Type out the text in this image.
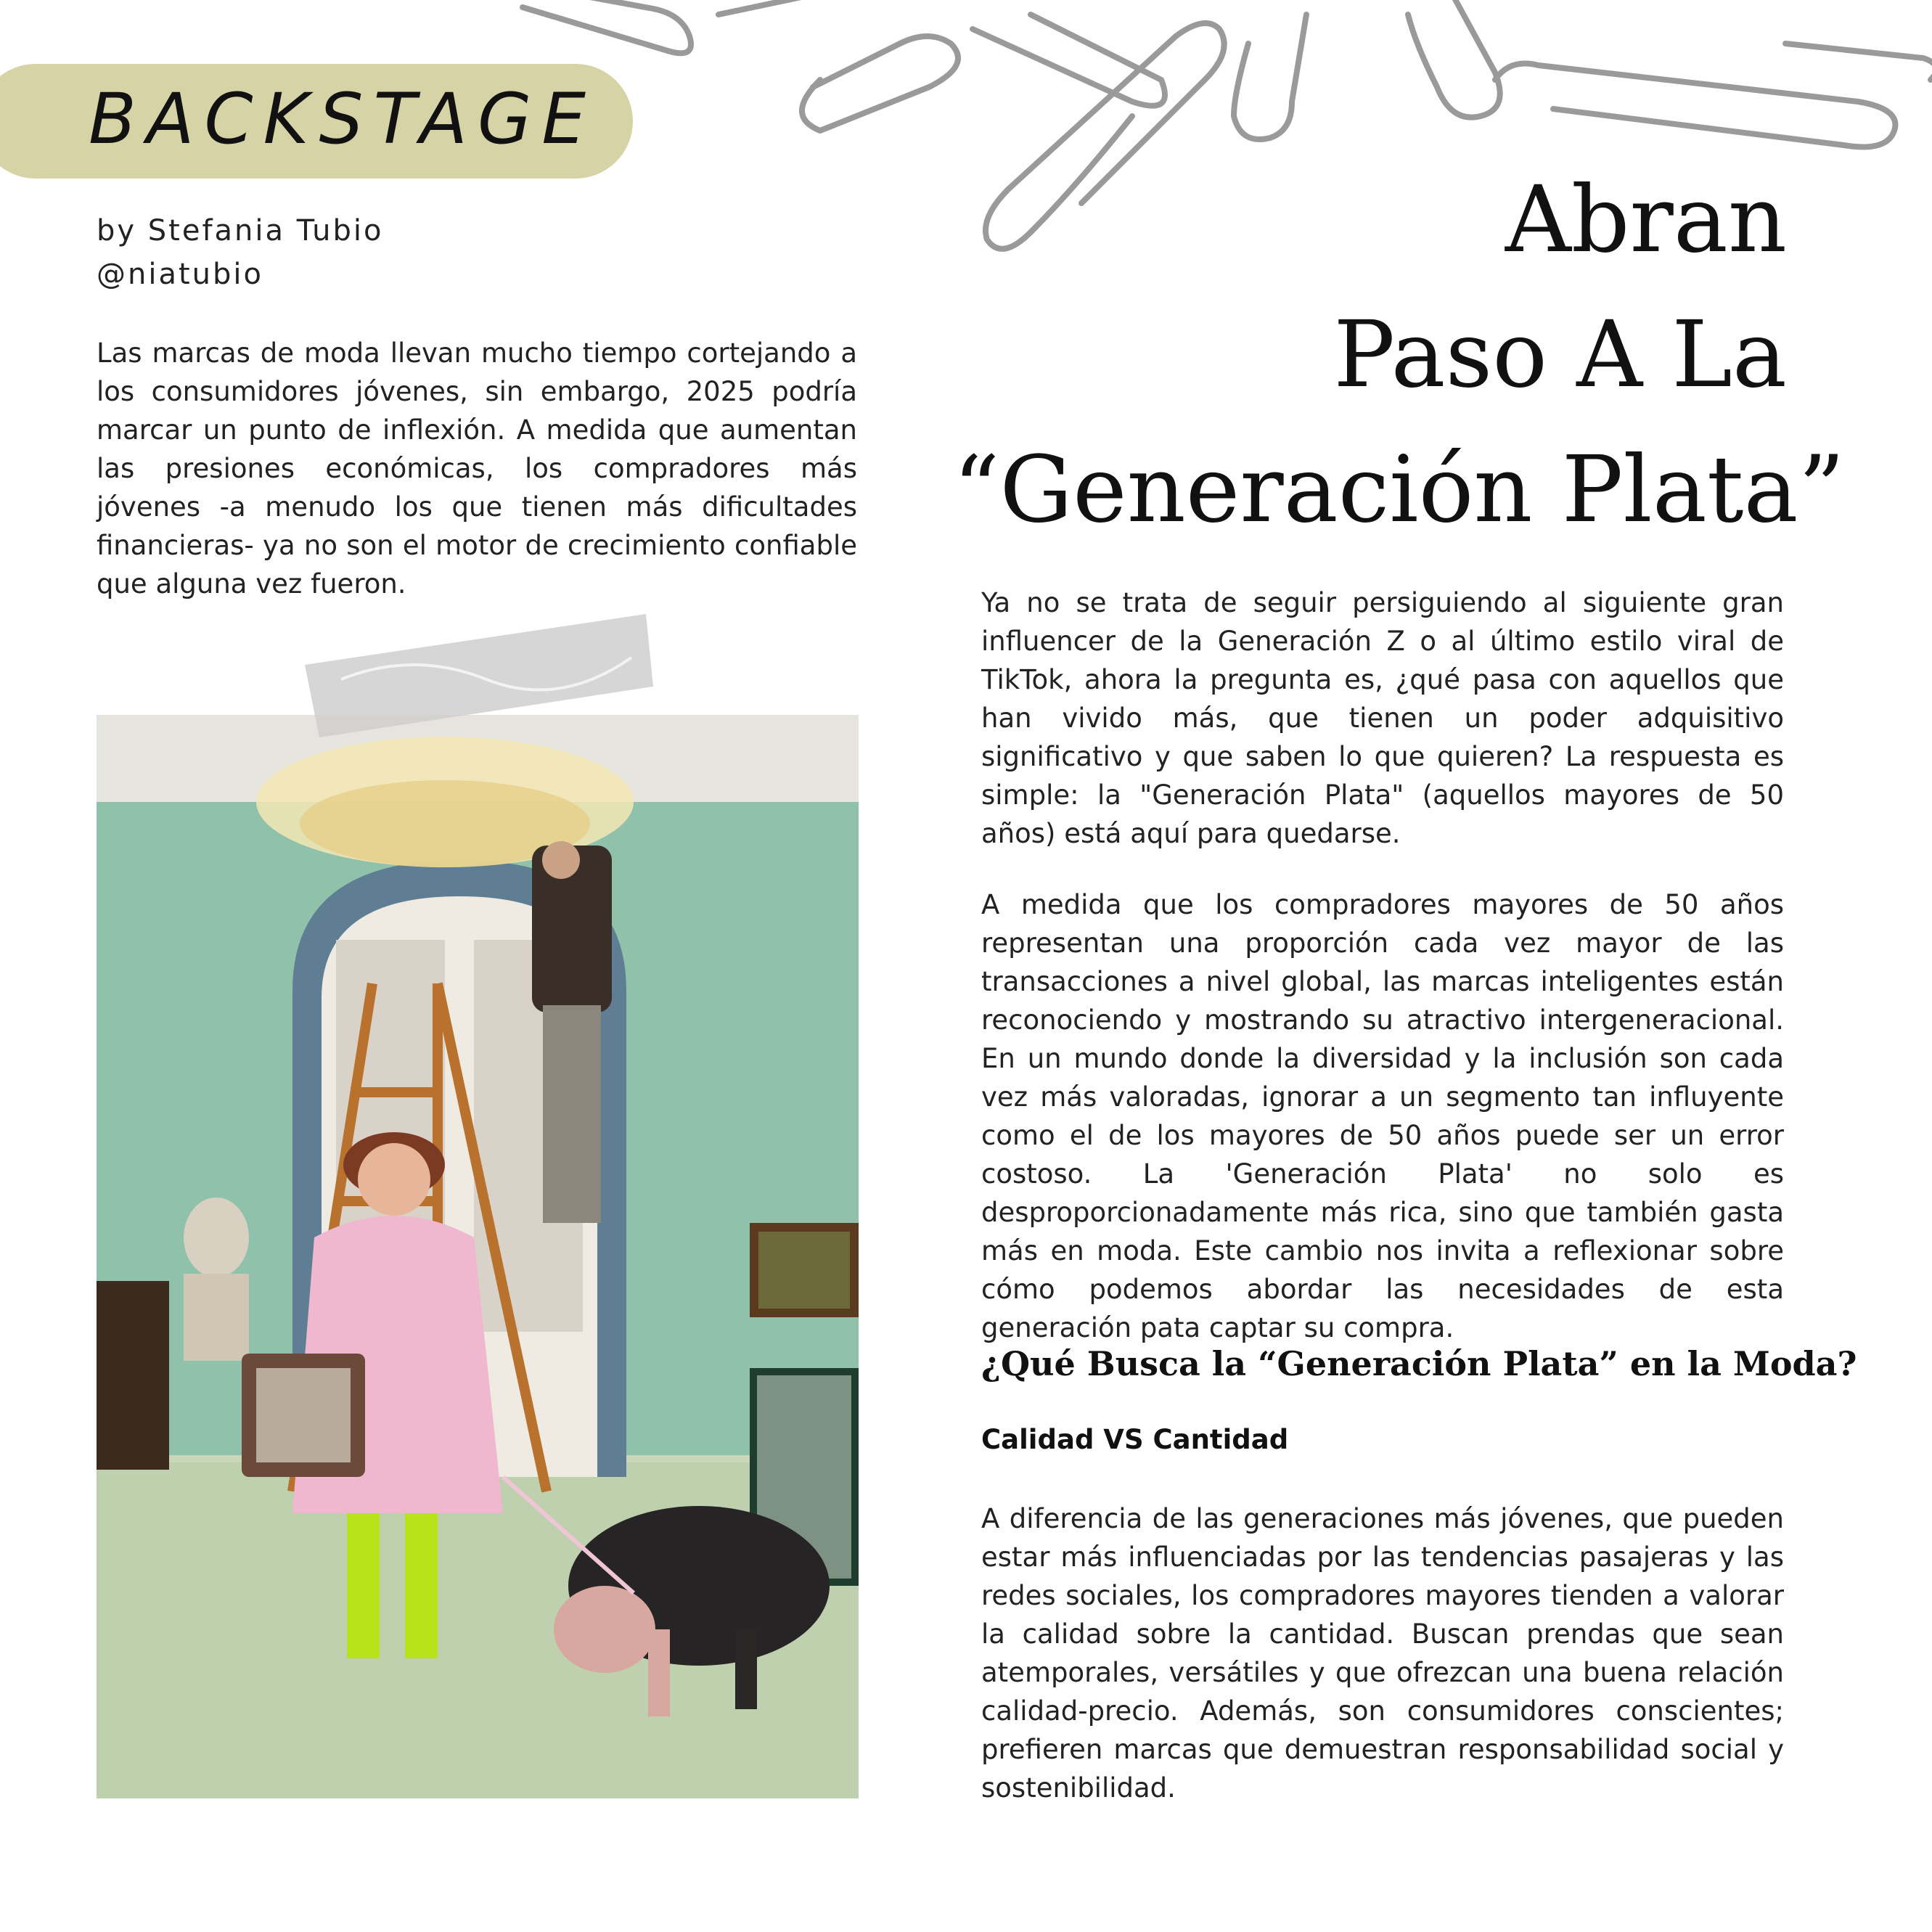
BACKSTAGE
by Stefania Tubio
@niatubio
Las marcas de moda llevan mucho tiempo cortejando a los consumidores jóvenes, sin embargo, 2025 podría marcar un punto de inflexión. A medida que aumentan las presiones económicas, los compradores más jóvenes -a menudo los que tienen más dificultades financieras- ya no son el motor de crecimiento confiable que alguna vez fueron.
Abran
Paso A La
“Generación Plata”
Ya no se trata de seguir persiguiendo al siguiente gran influencer de la Generación Z o al último estilo viral de TikTok, ahora la pregunta es, ¿qué pasa con aquellos que han vivido más, que tienen un poder adquisitivo significativo y que saben lo que quieren? La respuesta es simple: la "Generación Plata" (aquellos mayores de 50 años) está aquí para quedarse.
A medida que los compradores mayores de 50 años representan una proporción cada vez mayor de las transacciones a nivel global, las marcas inteligentes están reconociendo y mostrando su atractivo intergeneracional. En un mundo donde la diversidad y la inclusión son cada vez más valoradas, ignorar a un segmento tan influyente como el de los mayores de 50 años puede ser un error costoso. La 'Generación Plata' no solo es desproporcionadamente más rica, sino que también gasta más en moda. Este cambio nos invita a reflexionar sobre cómo podemos abordar las necesidades de esta generación pata captar su compra.
¿Qué Busca la “Generación Plata” en la Moda?
Calidad VS Cantidad
A diferencia de las generaciones más jóvenes, que pueden estar más influenciadas por las tendencias pasajeras y las redes sociales, los compradores mayores tienden a valorar la calidad sobre la cantidad. Buscan prendas que sean atemporales, versátiles y que ofrezcan una buena relación calidad-precio. Además, son consumidores conscientes; prefieren marcas que demuestran responsabilidad social y sostenibilidad.
